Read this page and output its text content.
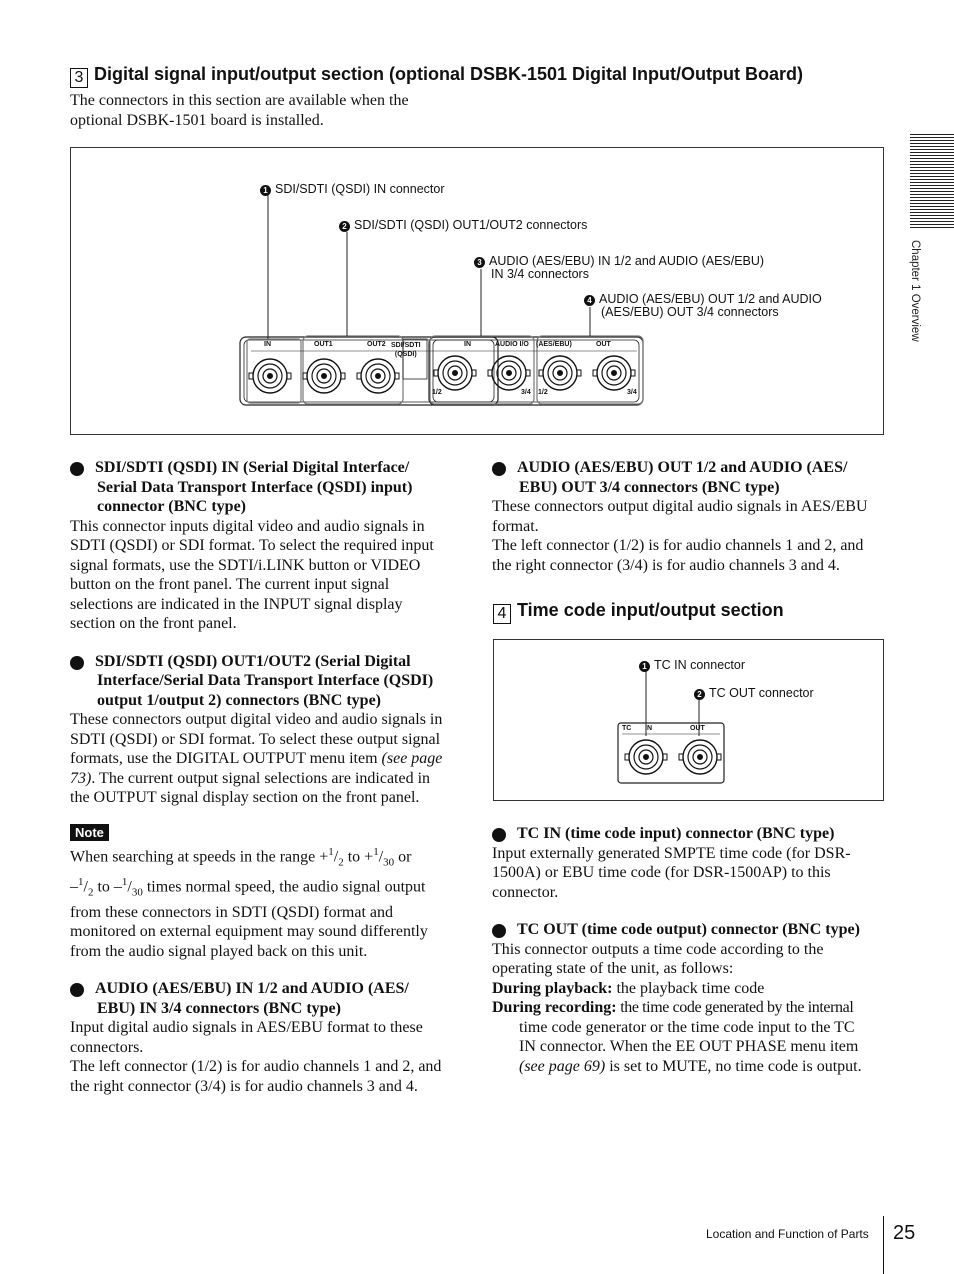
3 Digital signal input/output section (optional DSBK-1501 Digital Input/Output Board)
The connectors in this section are available when the
optional DSBK-1501 board is installed.
1 SDI/SDTI (QSDI) IN connector
2 SDI/SDTI (QSDI) OUT1/OUT2 connectors
3 AUDIO (AES/EBU) IN 1/2 and AUDIO (AES/EBU)
IN 3/4 connectors
4 AUDIO (AES/EBU) OUT 1/2 and AUDIO
(AES/EBU) OUT 3/4 connectors
IN	OUT1	OUT2 SDI/SDTI
(QSDI)
IN	AUDIO I/O (AES/EBU)	OUT
1/2	3/4 1/2	3/4
1 SDI/SDTI (QSDI) IN (Serial Digital Interface/
Serial Data Transport Interface (QSDI) input)
connector (BNC type)
This connector inputs digital video and audio signals in
SDTI (QSDI) or SDI format. To select the required input
signal formats, use the SDTI/i.LINK button or VIDEO
button on the front panel. The current input signal
selections are indicated in the INPUT signal display
section on the front panel.
2 SDI/SDTI (QSDI) OUT1/OUT2 (Serial Digital
Interface/Serial Data Transport Interface (QSDI)
output 1/output 2) connectors (BNC type)
These connectors output digital video and audio signals in
SDTI (QSDI) or SDI format. To select these output signal
formats, use the DIGITAL OUTPUT menu item (see page
73). The current output signal selections are indicated in
the OUTPUT signal display section on the front panel.
Note
When searching at speeds in the range $+^1/_2$ to $+^1/_{30}$ or
$-^1/_2$ to $-^1/_{30}$ times normal speed, the audio signal output
from these connectors in SDTI (QSDI) format and
monitored on external equipment may sound differently
from the audio signal played back on this unit.
3 AUDIO (AES/EBU) IN 1/2 and AUDIO (AES/
EBU) IN 3/4 connectors (BNC type)
Input digital audio signals in AES/EBU format to these
connectors.
The left connector (1/2) is for audio channels 1 and 2, and
the right connector (3/4) is for audio channels 3 and 4.
4 AUDIO (AES/EBU) OUT 1/2 and AUDIO (AES/
EBU) OUT 3/4 connectors (BNC type)
These connectors output digital audio signals in AES/EBU
format.
The left connector (1/2) is for audio channels 1 and 2, and
the right connector (3/4) is for audio channels 3 and 4.
4 Time code input/output section
1 TC IN connector
2 TC OUT connector
TC IN	OUT
1 TC IN (time code input) connector (BNC type)
Input externally generated SMPTE time code (for DSR-
1500A) or EBU time code (for DSR-1500AP) to this
connector.
2 TC OUT (time code output) connector (BNC type)
This connector outputs a time code according to the
operating state of the unit, as follows:
During playback: the playback time code
During recording: the time code generated by the internal
time code generator or the time code input to the TC
IN connector. When the EE OUT PHASE menu item
(see page 69) is set to MUTE, no time code is output.
Chapter 1 Overview
Location and Function of Parts 25
